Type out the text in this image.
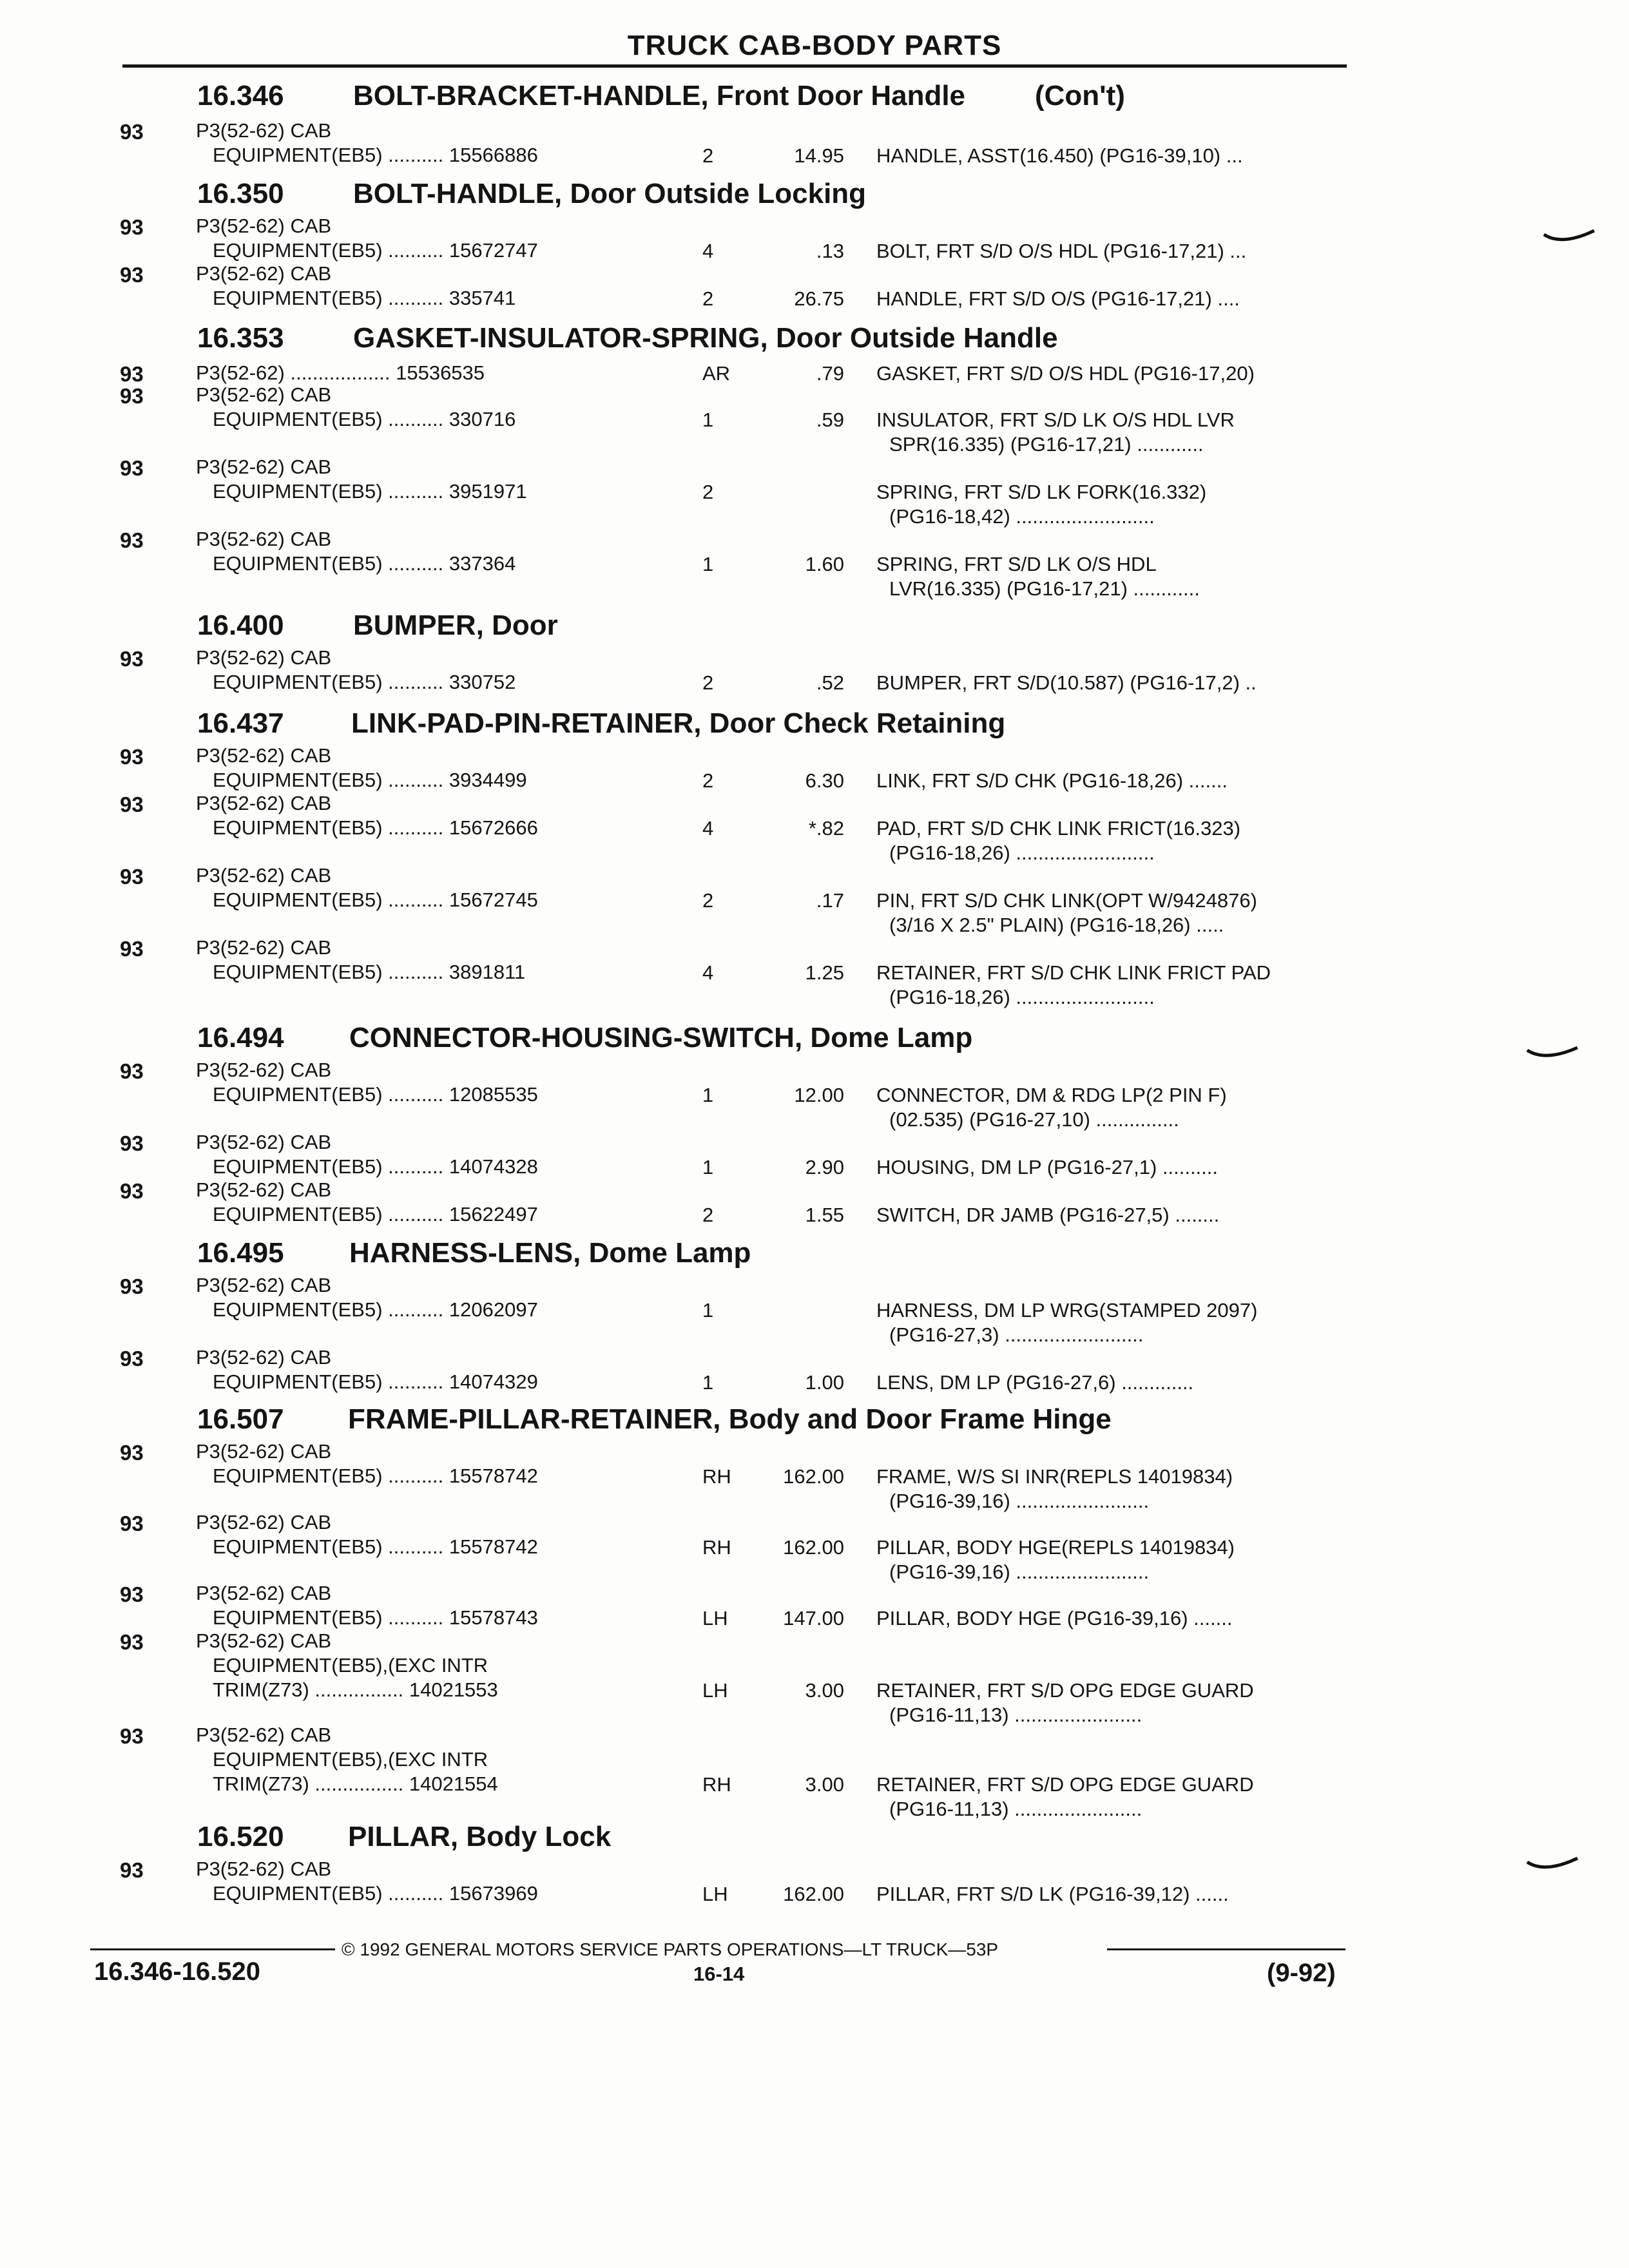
TRUCK CAB-BODY PARTS
16.346 BOLT-BRACKET-HANDLE, Front Door Handle (Con't)
93	P3(52-62) CAB
EQUIPMENT(EB5) .......... 15566886	2	14.95 HANDLE, ASST(16.450) (PG16-39,10) ...
16.350 BOLT-HANDLE, Door Outside Locking
93	P3(52-62) CAB
EQUIPMENT(EB5) .......... 15672747	4	.13 BOLT, FRT S/D O/S HDL (PG16-17,21) ...
93	P3(52-62) CAB
EQUIPMENT(EB5) .......... 335741	2	26.75 HANDLE, FRT S/D O/S (PG16-17,21) ....
16.353 GASKET-INSULATOR-SPRING, Door Outside Handle
93	P3(52-62) .................. 15536535	AR	.79 GASKET, FRT S/D O/S HDL (PG16-17,20)
93	P3(52-62) CAB
EQUIPMENT(EB5) .......... 330716	1	.59 INSULATOR, FRT S/D LK O/S HDL LVR
SPR(16.335) (PG16-17,21) ............
93	P3(52-62) CAB
EQUIPMENT(EB5) .......... 3951971	2	SPRING, FRT S/D LK FORK(16.332)
(PG16-18,42) .........................
93	P3(52-62) CAB
EQUIPMENT(EB5) .......... 337364	1	1.60 SPRING, FRT S/D LK O/S HDL
LVR(16.335) (PG16-17,21) ............
16.400 BUMPER, Door
93	P3(52-62) CAB
EQUIPMENT(EB5) .......... 330752	2	.52 BUMPER, FRT S/D(10.587) (PG16-17,2) ..
16.437 LINK-PAD-PIN-RETAINER, Door Check Retaining
93	P3(52-62) CAB
EQUIPMENT(EB5) .......... 3934499	2	6.30 LINK, FRT S/D CHK (PG16-18,26) .......
93	P3(52-62) CAB
EQUIPMENT(EB5) .......... 15672666	4	*.82 PAD, FRT S/D CHK LINK FRICT(16.323)
(PG16-18,26) .........................
93	P3(52-62) CAB
EQUIPMENT(EB5) .......... 15672745	2	.17 PIN, FRT S/D CHK LINK(OPT W/9424876)
(3/16 X 2.5" PLAIN) (PG16-18,26) .....
93	P3(52-62) CAB
EQUIPMENT(EB5) .......... 3891811	4	1.25 RETAINER, FRT S/D CHK LINK FRICT PAD
(PG16-18,26) .........................
16.494 CONNECTOR-HOUSING-SWITCH, Dome Lamp
93	P3(52-62) CAB
EQUIPMENT(EB5) .......... 12085535	1	12.00 CONNECTOR, DM & RDG LP(2 PIN F)
(02.535) (PG16-27,10) ...............
93	P3(52-62) CAB
EQUIPMENT(EB5) .......... 14074328	1	2.90 HOUSING, DM LP (PG16-27,1) ..........
93	P3(52-62) CAB
EQUIPMENT(EB5) .......... 15622497	2	1.55 SWITCH, DR JAMB (PG16-27,5) ........
16.495 HARNESS-LENS, Dome Lamp
93	P3(52-62) CAB
EQUIPMENT(EB5) .......... 12062097	1	HARNESS, DM LP WRG(STAMPED 2097)
(PG16-27,3) .........................
93	P3(52-62) CAB
EQUIPMENT(EB5) .......... 14074329	1	1.00 LENS, DM LP (PG16-27,6) .............
16.507 FRAME-PILLAR-RETAINER, Body and Door Frame Hinge
93	P3(52-62) CAB
EQUIPMENT(EB5) .......... 15578742	RH	162.00 FRAME, W/S SI INR(REPLS 14019834)
(PG16-39,16) ........................
93	P3(52-62) CAB
EQUIPMENT(EB5) .......... 15578742	RH	162.00 PILLAR, BODY HGE(REPLS 14019834)
(PG16-39,16) ........................
93	P3(52-62) CAB
EQUIPMENT(EB5) .......... 15578743	LH	147.00 PILLAR, BODY HGE (PG16-39,16) .......
93	P3(52-62) CAB
EQUIPMENT(EB5),(EXC INTR
TRIM(Z73) ................ 14021553	LH	3.00 RETAINER, FRT S/D OPG EDGE GUARD
(PG16-11,13) .......................
93	P3(52-62) CAB
EQUIPMENT(EB5),(EXC INTR
TRIM(Z73) ................ 14021554	RH	3.00 RETAINER, FRT S/D OPG EDGE GUARD
(PG16-11,13) .......................
16.520 PILLAR, Body Lock
93	P3(52-62) CAB
EQUIPMENT(EB5) .......... 15673969	LH	162.00 PILLAR, FRT S/D LK (PG16-39,12) ......
© 1992 GENERAL MOTORS SERVICE PARTS OPERATIONS—LT TRUCK—53P
16.346-16.520	16-14	(9-92)
